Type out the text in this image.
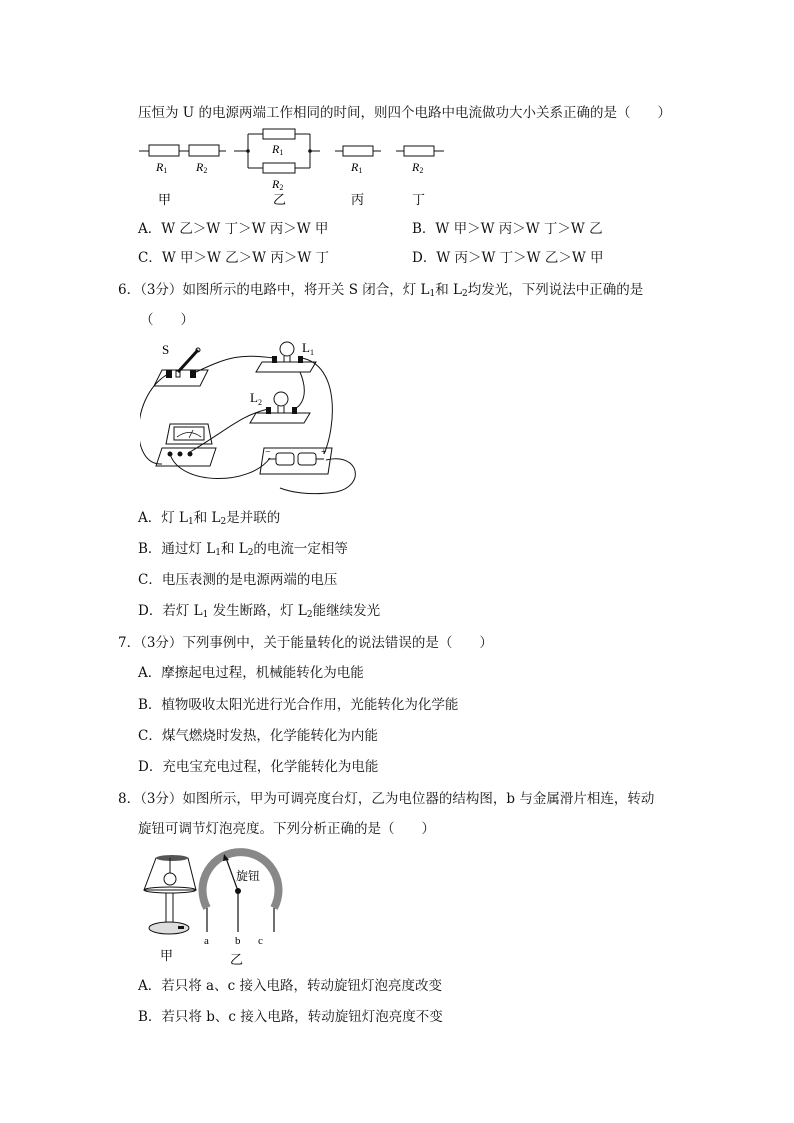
压恒为 U 的电源两端工作相同的时间，则四个电路中电流做功大小关系正确的是（　　）
R1 R2
R1
R2
R1	R2
甲	乙	丙	丁
A．W 乙＞W 丁＞W 丙＞W 甲	B．W 甲＞W 丙＞W 丁＞W 乙
C．W 甲＞W 乙＞W 丙＞W 丁	D．W 丙＞W 丁＞W 乙＞W 甲
6．（3分）如图所示的电路中，将开关 S 闭合，灯 $L_1$和 $L_2$均发光，下列说法中正确的是
（　　）
S	$L_1$
$L_2$
−	+
A．灯 $L_1$和 $L_2$是并联的
B．通过灯 $L_1$和 $L_2$的电流一定相等
C．电压表测的是电源两端的电压
D．若灯 $L_1$ 发生断路，灯 $L_2$能继续发光
7．（3分）下列事例中，关于能量转化的说法错误的是（　　）
A．摩擦起电过程，机械能转化为电能
B．植物吸收太阳光进行光合作用，光能转化为化学能
C．煤气燃烧时发热，化学能转化为内能
D．充电宝充电过程，化学能转化为电能
8．（3分）如图所示，甲为可调亮度台灯，乙为电位器的结构图，b 与金属滑片相连，转动
旋钮可调节灯泡亮度。下列分析正确的是（　　）
旋钮
a b c
甲	乙
A．若只将 a、c 接入电路，转动旋钮灯泡亮度改变
B．若只将 b、c 接入电路，转动旋钮灯泡亮度不变
